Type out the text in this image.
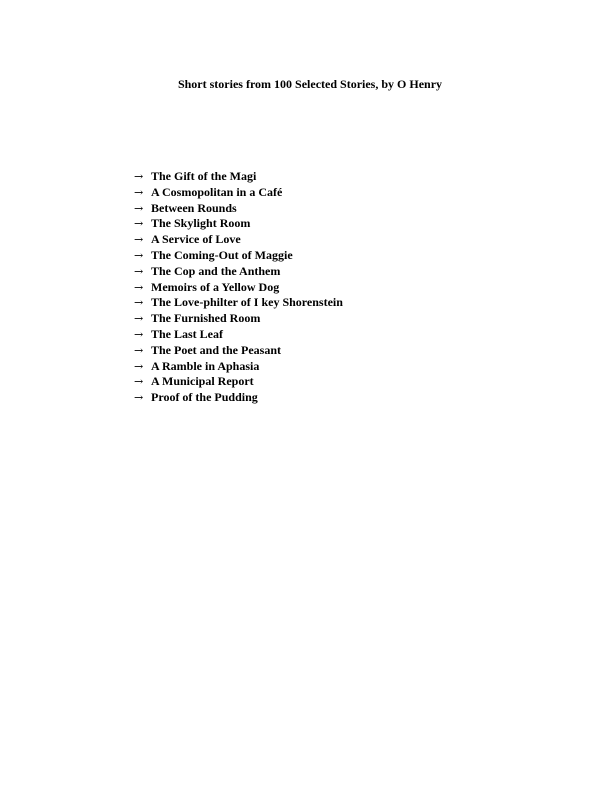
Short stories from 100 Selected Stories, by O Henry
→ The Gift of the Magi
→ A Cosmopolitan in a Café
→ Between Rounds
→ The Skylight Room
→ A Service of Love
→ The Coming-Out of Maggie
→ The Cop and the Anthem
→ Memoirs of a Yellow Dog
→ The Love-philter of I key Shorenstein
→ The Furnished Room
→ The Last Leaf
→ The Poet and the Peasant
→ A Ramble in Aphasia
→ A Municipal Report
→ Proof of the Pudding
